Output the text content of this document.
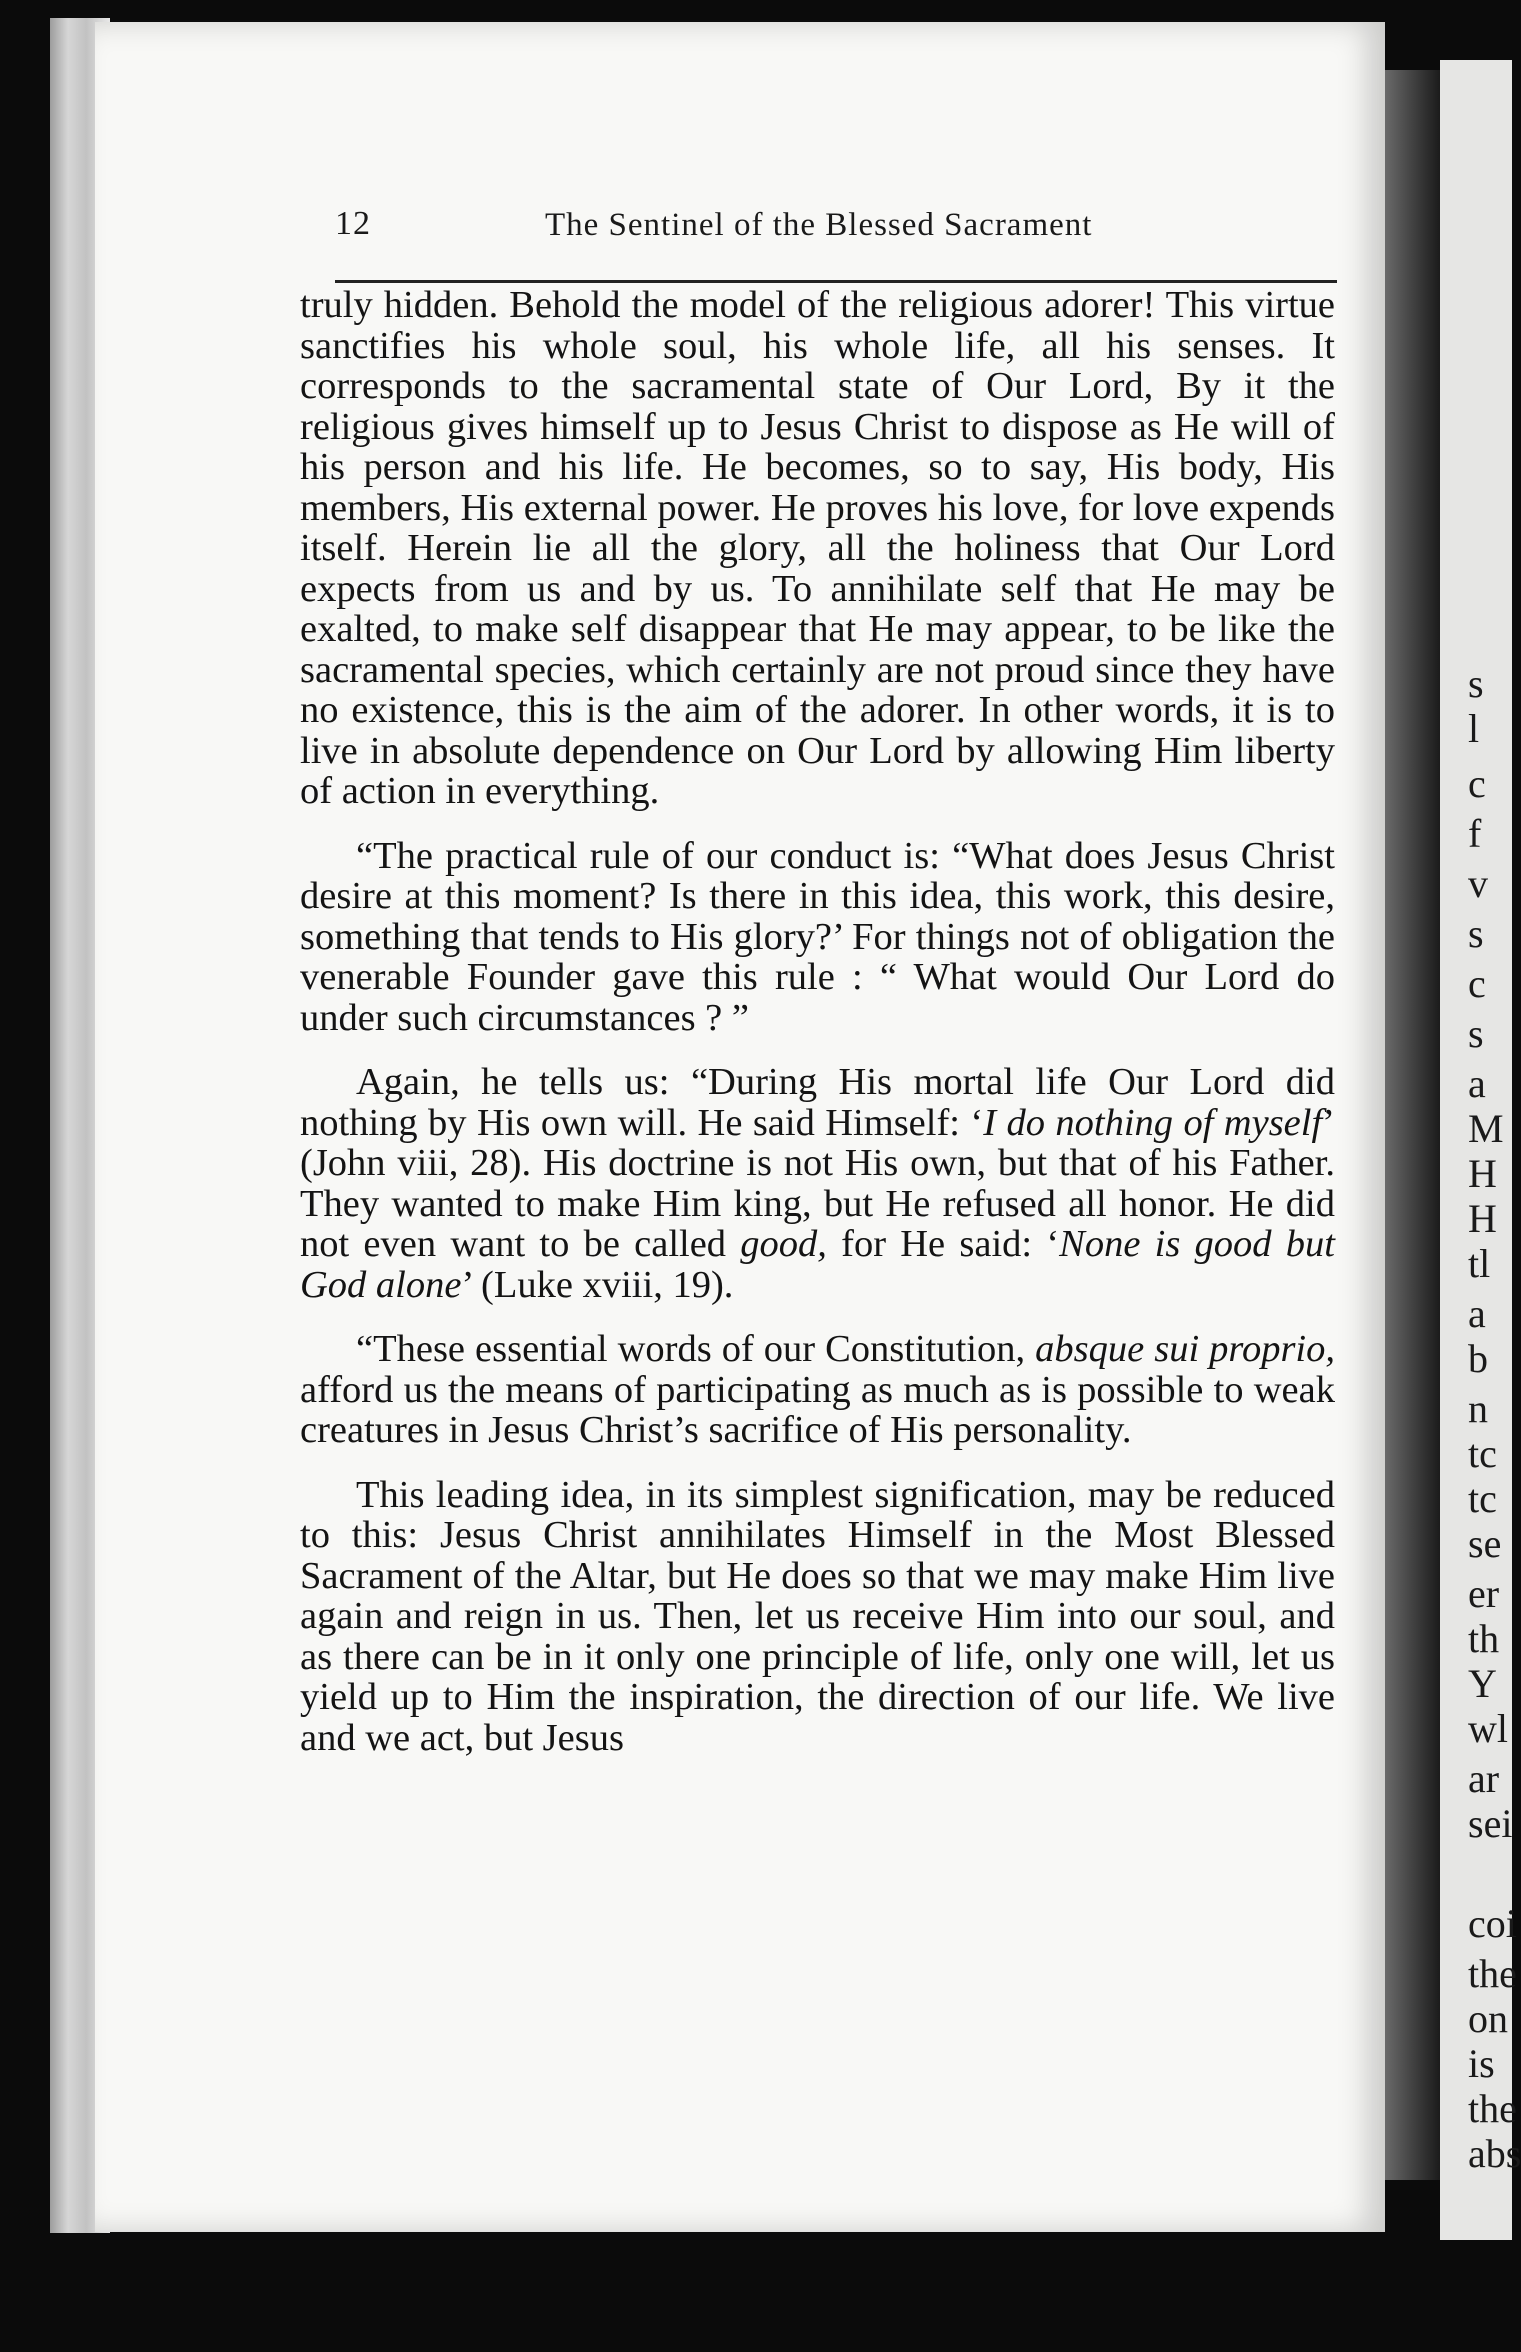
s
l
c
f
v
s
c
s
a
M
H
H
tl
a
b
n
tc
tc
se
er
th
Y
wl
ar
sei
coi
the
on
is
the
abs
12	The Sentinel of the Blessed Sacrament

truly hidden. Behold the model of the religious adorer! This virtue sanctifies his whole soul, his whole life, all his senses. It corresponds to the sacramental state of Our Lord, By it the religious gives himself up to Jesus Christ to dispose as He will of his person and his life. He becomes, so to say, His body, His members, His external power. He proves his love, for love expends itself. Herein lie all the glory, all the holiness that Our Lord expects from us and by us. To annihilate self that He may be exalted, to make self disappear that He may appear, to be like the sacramental species, which certainly are not proud since they have no existence, this is the aim of the adorer. In other words, it is to live in absolute dependence on Our Lord by allowing Him liberty of action in everything.

“The practical rule of our conduct is: “What does Jesus Christ desire at this moment? Is there in this idea, this work, this desire, something that tends to His glory?’ For things not of obligation the venerable Founder gave this rule : “ What would Our Lord do under such circumstances ? ”

Again, he tells us: “During His mortal life Our Lord did nothing by His own will. He said Himself: ‘I do nothing of myself’ (John viii, 28). His doctrine is not His own, but that of his Father. They wanted to make Him king, but He refused all honor. He did not even want to be called good, for He said: ‘None is good but God alone’ (Luke xviii, 19).

“These essential words of our Constitution, absque sui proprio, afford us the means of participating as much as is possible to weak creatures in Jesus Christ’s sacrifice of His personality.

This leading idea, in its simplest signification, may be reduced to this: Jesus Christ annihilates Himself in the Most Blessed Sacrament of the Altar, but He does so that we may make Him live again and reign in us. Then, let us receive Him into our soul, and as there can be in it only one principle of life, only one will, let us yield up to Him the inspiration, the direction of our life. We live and we act, but Jesus
